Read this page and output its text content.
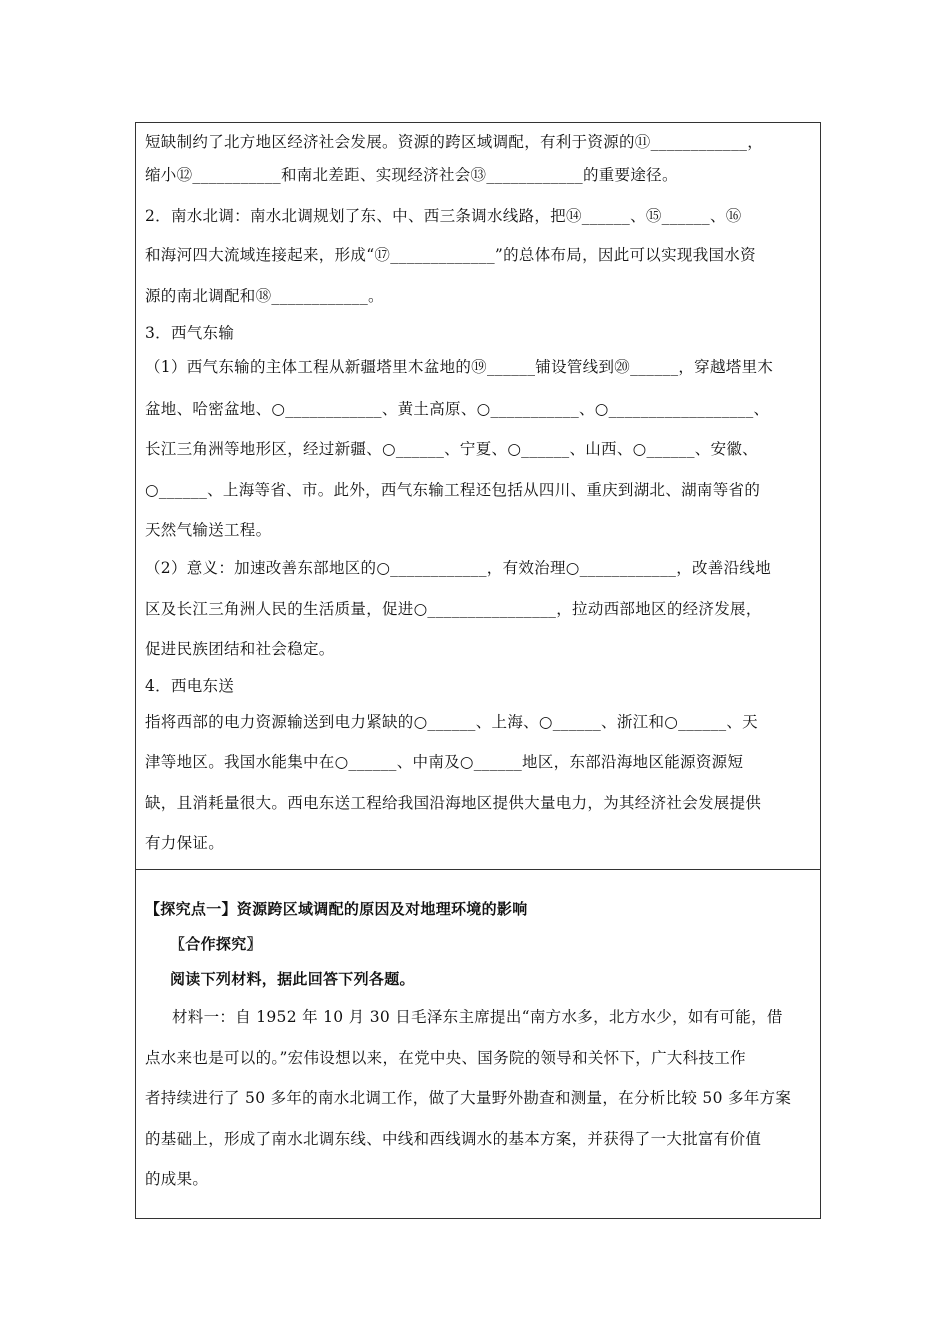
短缺制约了北方地区经济社会发展。资源的跨区域调配，有利于资源的⑪____________，
缩小⑫___________和南北差距、实现经济社会⑬____________的重要途径。
2．南水北调：南水北调规划了东、中、西三条调水线路，把⑭______、⑮______、⑯
和海河四大流域连接起来，形成“⑰_____________”的总体布局，因此可以实现我国水资
源的南北调配和⑱____________。
3．西气东输
（1）西气东输的主体工程从新疆塔里木盆地的⑲______铺设管线到⑳______，穿越塔里木
盆地、哈密盆地、○____________、黄土高原、○___________、○__________________、
长江三角洲等地形区，经过新疆、○______、宁夏、○______、山西、○______、安徽、
○______、上海等省、市。此外，西气东输工程还包括从四川、重庆到湖北、湖南等省的
天然气输送工程。
（2）意义：加速改善东部地区的○____________，有效治理○____________，改善沿线地
区及长江三角洲人民的生活质量，促进○________________，拉动西部地区的经济发展，
促进民族团结和社会稳定。
4．西电东送
指将西部的电力资源输送到电力紧缺的○______、上海、○______、浙江和○______、天
津等地区。我国水能集中在○______、中南及○______地区，东部沿海地区能源资源短
缺，且消耗量很大。西电东送工程给我国沿海地区提供大量电力，为其经济社会发展提供
有力保证。
【探究点一】资源跨区域调配的原因及对地理环境的影响
〖合作探究〗
阅读下列材料，据此回答下列各题。
材料一：自 1952 年 10 月 30 日毛泽东主席提出“南方水多，北方水少，如有可能，借
点水来也是可以的。”宏伟设想以来，在党中央、国务院的领导和关怀下，广大科技工作
者持续进行了 50 多年的南水北调工作，做了大量野外勘查和测量，在分析比较 50 多年方案
的基础上，形成了南水北调东线、中线和西线调水的基本方案，并获得了一大批富有价值
的成果。
